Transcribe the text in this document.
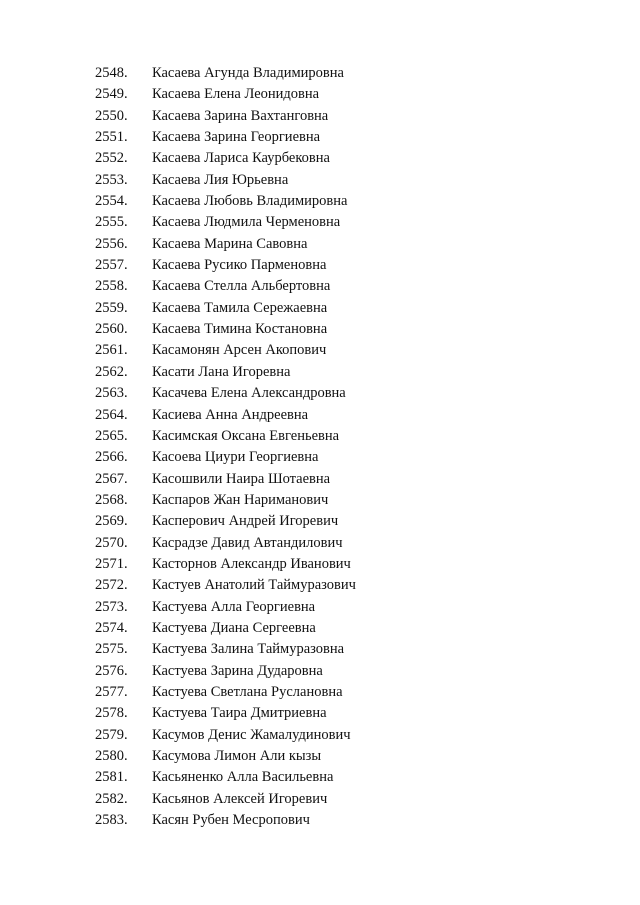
2548.	Касаева Агунда Владимировна
2549.	Касаева Елена Леонидовна
2550.	Касаева Зарина Вахтанговна
2551.	Касаева Зарина Георгиевна
2552.	Касаева Лариса Каурбековна
2553.	Касаева Лия Юрьевна
2554.	Касаева Любовь Владимировна
2555.	Касаева Людмила Черменовна
2556.	Касаева Марина Савовна
2557.	Касаева Русико Парменовна
2558.	Касаева Стелла Альбертовна
2559.	Касаева Тамила Сережаевна
2560.	Касаева Тимина Костановна
2561.	Касамонян Арсен Акопович
2562.	Касати Лана Игоревна
2563.	Касачева Елена Александровна
2564.	Касиева Анна Андреевна
2565.	Касимская Оксана Евгеньевна
2566.	Касоева Циури Георгиевна
2567.	Касошвили Наира Шотаевна
2568.	Каспаров Жан Нариманович
2569.	Касперович Андрей Игоревич
2570.	Касрадзе Давид Автандилович
2571.	Касторнов Александр Иванович
2572.	Кастуев Анатолий Таймуразович
2573.	Кастуева Алла Георгиевна
2574.	Кастуева Диана Сергеевна
2575.	Кастуева Залина Таймуразовна
2576.	Кастуева Зарина Дударовна
2577.	Кастуева Светлана Руслановна
2578.	Кастуева Таира Дмитриевна
2579.	Касумов Денис Жамалудинович
2580.	Касумова Лимон Али кызы
2581.	Касьяненко Алла Васильевна
2582.	Касьянов Алексей Игоревич
2583.	Касян Рубен Месропович
